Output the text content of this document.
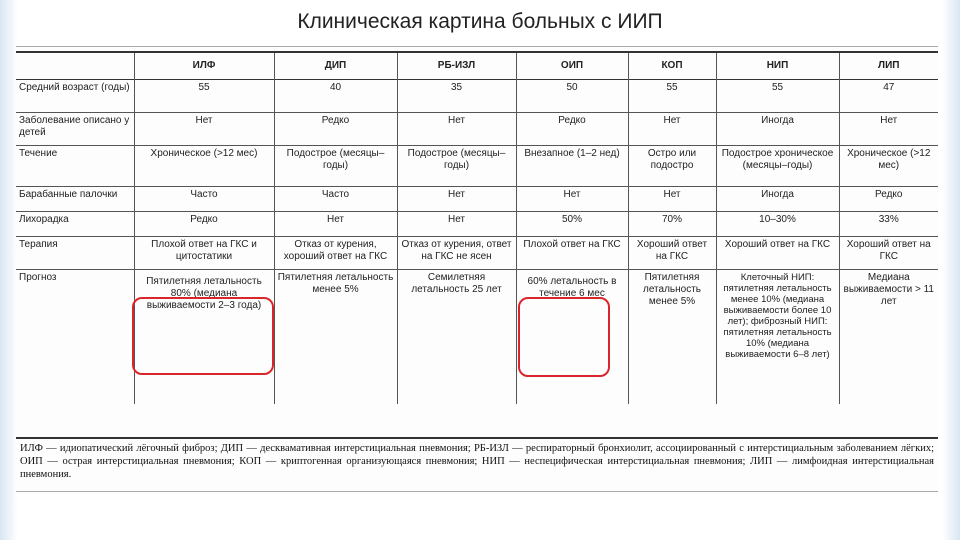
Клиническая картина больных с ИИП
	ИЛФ	ДИП	РБ-ИЗЛ	ОИП	КОП	НИП	ЛИП
Средний возраст (годы)	55	40	35	50	55	55	47
Заболевание описано у детей	Нет	Редко	Нет	Редко	Нет	Иногда	Нет
Течение	Хроническое (>12 мес)	Подострое (месяцы–годы)	Подострое (месяцы–годы)	Внезапное (1–2 нед)	Остро или подостро	Подострое хроническое (месяцы–годы)	Хроническое (>12 мес)
Барабанные палочки	Часто	Часто	Нет	Нет	Нет	Иногда	Редко
Лихорадка	Редко	Нет	Нет	50%	70%	10–30%	33%
Терапия	Плохой ответ на ГКС и цитостатики	Отказ от курения, хороший ответ на ГКС	Отказ от курения, ответ на ГКС не ясен	Плохой ответ на ГКС	Хороший ответ на ГКС	Хороший ответ на ГКС	Хороший ответ на ГКС
Прогноз	Пятилетняя летальность 80% (медиана выживаемости 2–3 года)	Пятилетняя летальность менее 5%	Семилетняя летальность 25 лет	60% летальность в течение 6 мес	Пятилетняя летальность менее 5%	Клеточный НИП: пятилетняя летальность менее 10% (медиана выживаемости более 10 лет); фиброзный НИП: пятилетняя летальность 10% (медиана выживаемости 6–8 лет)	Медиана выживаемости > 11 лет
ИЛФ — идиопатический лёгочный фиброз; ДИП — десквамативная интерстициальная пневмония; РБ-ИЗЛ — респираторный бронхиолит, ассоциированный с интерстициальным заболеванием лёгких; ОИП — острая интерстициальная пневмония; КОП — криптогенная организующаяся пневмония; НИП — неспецифическая интерстициальная пневмония; ЛИП — лимфоидная интерстициальная пневмония.
